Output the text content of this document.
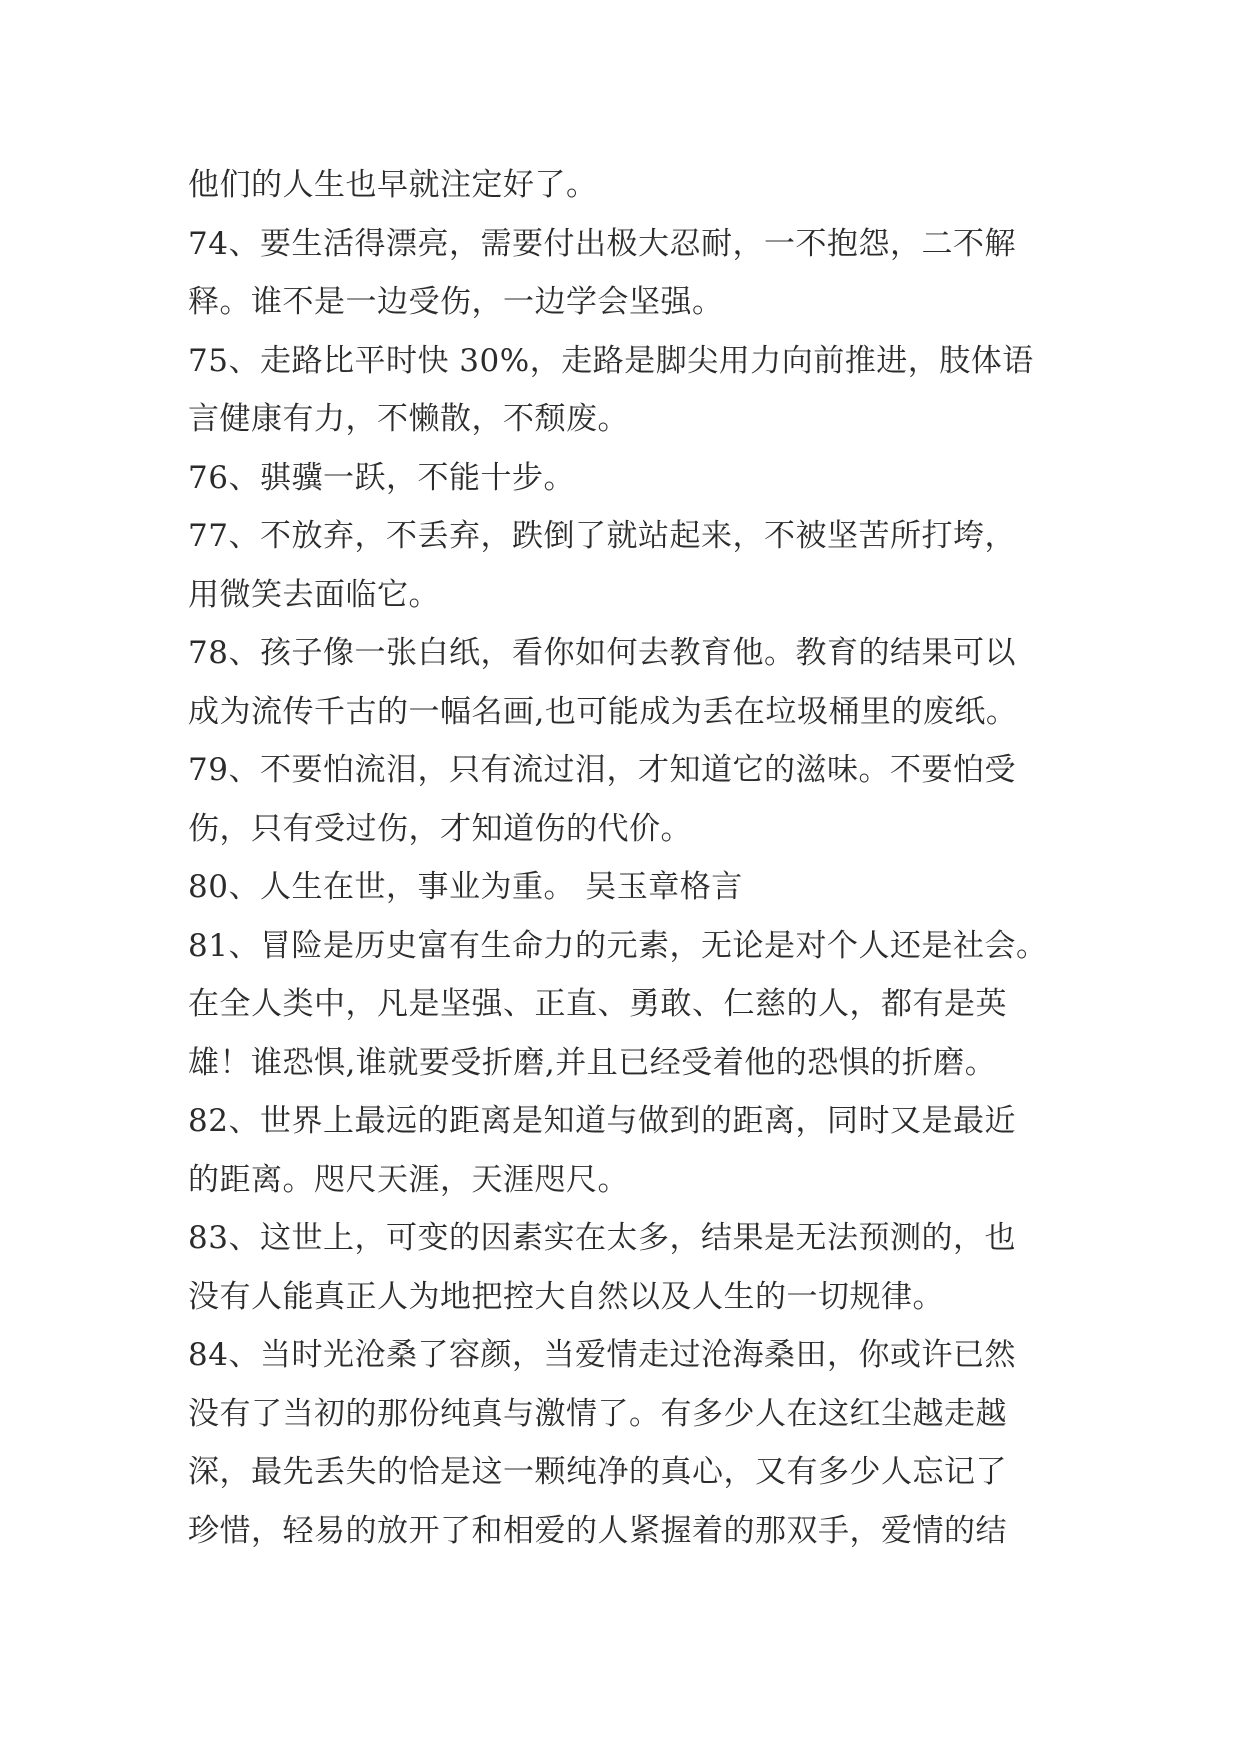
他们的人生也早就注定好了。
74、要生活得漂亮，需要付出极大忍耐，一不抱怨，二不解
释。谁不是一边受伤，一边学会坚强。
75、走路比平时快 30%，走路是脚尖用力向前推进，肢体语
言健康有力，不懒散，不颓废。
76、骐骥一跃，不能十步。
77、不放弃，不丢弃，跌倒了就站起来，不被坚苦所打垮，
用微笑去面临它。
78、孩子像一张白纸，看你如何去教育他。教育的结果可以
成为流传千古的一幅名画,也可能成为丢在垃圾桶里的废纸。
79、不要怕流泪，只有流过泪，才知道它的滋味。不要怕受
伤，只有受过伤，才知道伤的代价。
80、人生在世，事业为重。 吴玉章格言
81、冒险是历史富有生命力的元素，无论是对个人还是社会。
在全人类中，凡是坚强、正直、勇敢、仁慈的人，都有是英
雄！谁恐惧,谁就要受折磨,并且已经受着他的恐惧的折磨。
82、世界上最远的距离是知道与做到的距离，同时又是最近
的距离。咫尺天涯，天涯咫尺。
83、这世上，可变的因素实在太多，结果是无法预测的，也
没有人能真正人为地把控大自然以及人生的一切规律。
84、当时光沧桑了容颜，当爱情走过沧海桑田，你或许已然
没有了当初的那份纯真与激情了。有多少人在这红尘越走越
深，最先丢失的恰是这一颗纯净的真心，又有多少人忘记了
珍惜，轻易的放开了和相爱的人紧握着的那双手，爱情的结
